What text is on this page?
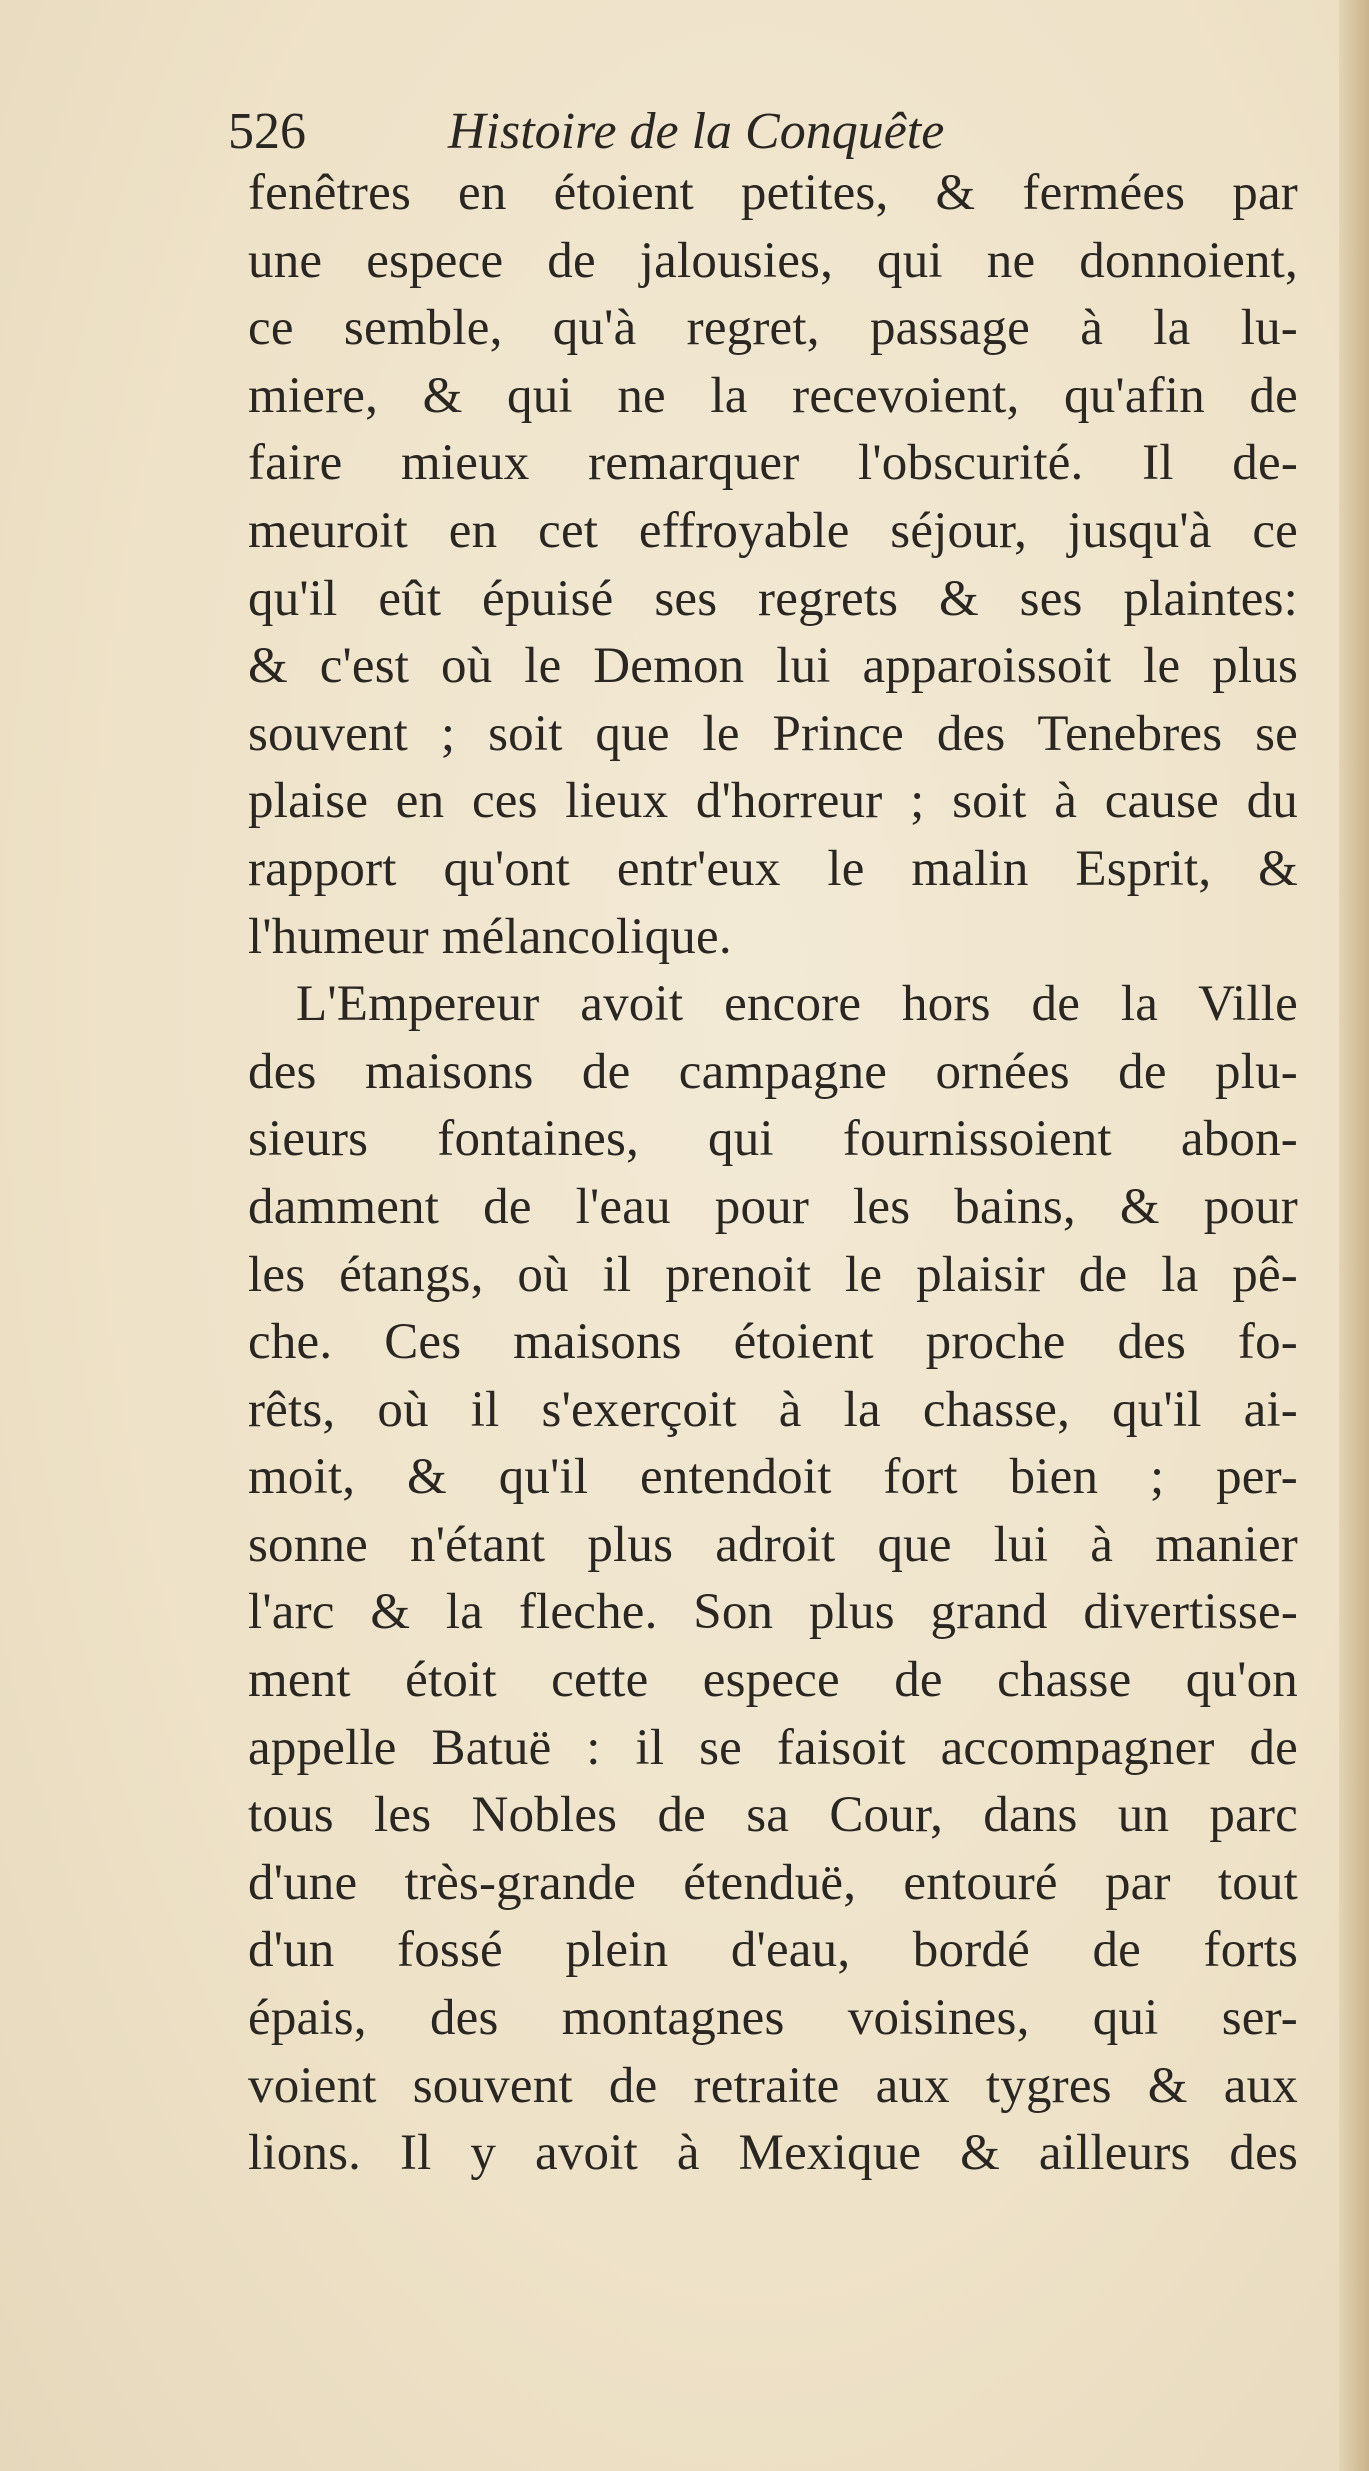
526	Histoire de la Conquête
fenêtres en étoient petites, & fermées par
une espece de jalousies, qui ne donnoient,
ce semble, qu'à regret, passage à la lu-
miere, & qui ne la recevoient, qu'afin de
faire mieux remarquer l'obscurité. Il de-
meuroit en cet effroyable séjour, jusqu'à ce
qu'il eût épuisé ses regrets & ses plaintes:
& c'est où le Demon lui apparoissoit le plus
souvent ; soit que le Prince des Tenebres se
plaise en ces lieux d'horreur ; soit à cause du
rapport qu'ont entr'eux le malin Esprit, &
l'humeur mélancolique.
L'Empereur avoit encore hors de la Ville
des maisons de campagne ornées de plu-
sieurs fontaines, qui fournissoient abon-
damment de l'eau pour les bains, & pour
les étangs, où il prenoit le plaisir de la pê-
che. Ces maisons étoient proche des fo-
rêts, où il s'exerçoit à la chasse, qu'il ai-
moit, & qu'il entendoit fort bien ; per-
sonne n'étant plus adroit que lui à manier
l'arc & la fleche. Son plus grand divertisse-
ment étoit cette espece de chasse qu'on
appelle Batuë : il se faisoit accompagner de
tous les Nobles de sa Cour, dans un parc
d'une très-grande étenduë, entouré par tout
d'un fossé plein d'eau, bordé de forts
épais, des montagnes voisines, qui ser-
voient souvent de retraite aux tygres & aux
lions. Il y avoit à Mexique & ailleurs des
